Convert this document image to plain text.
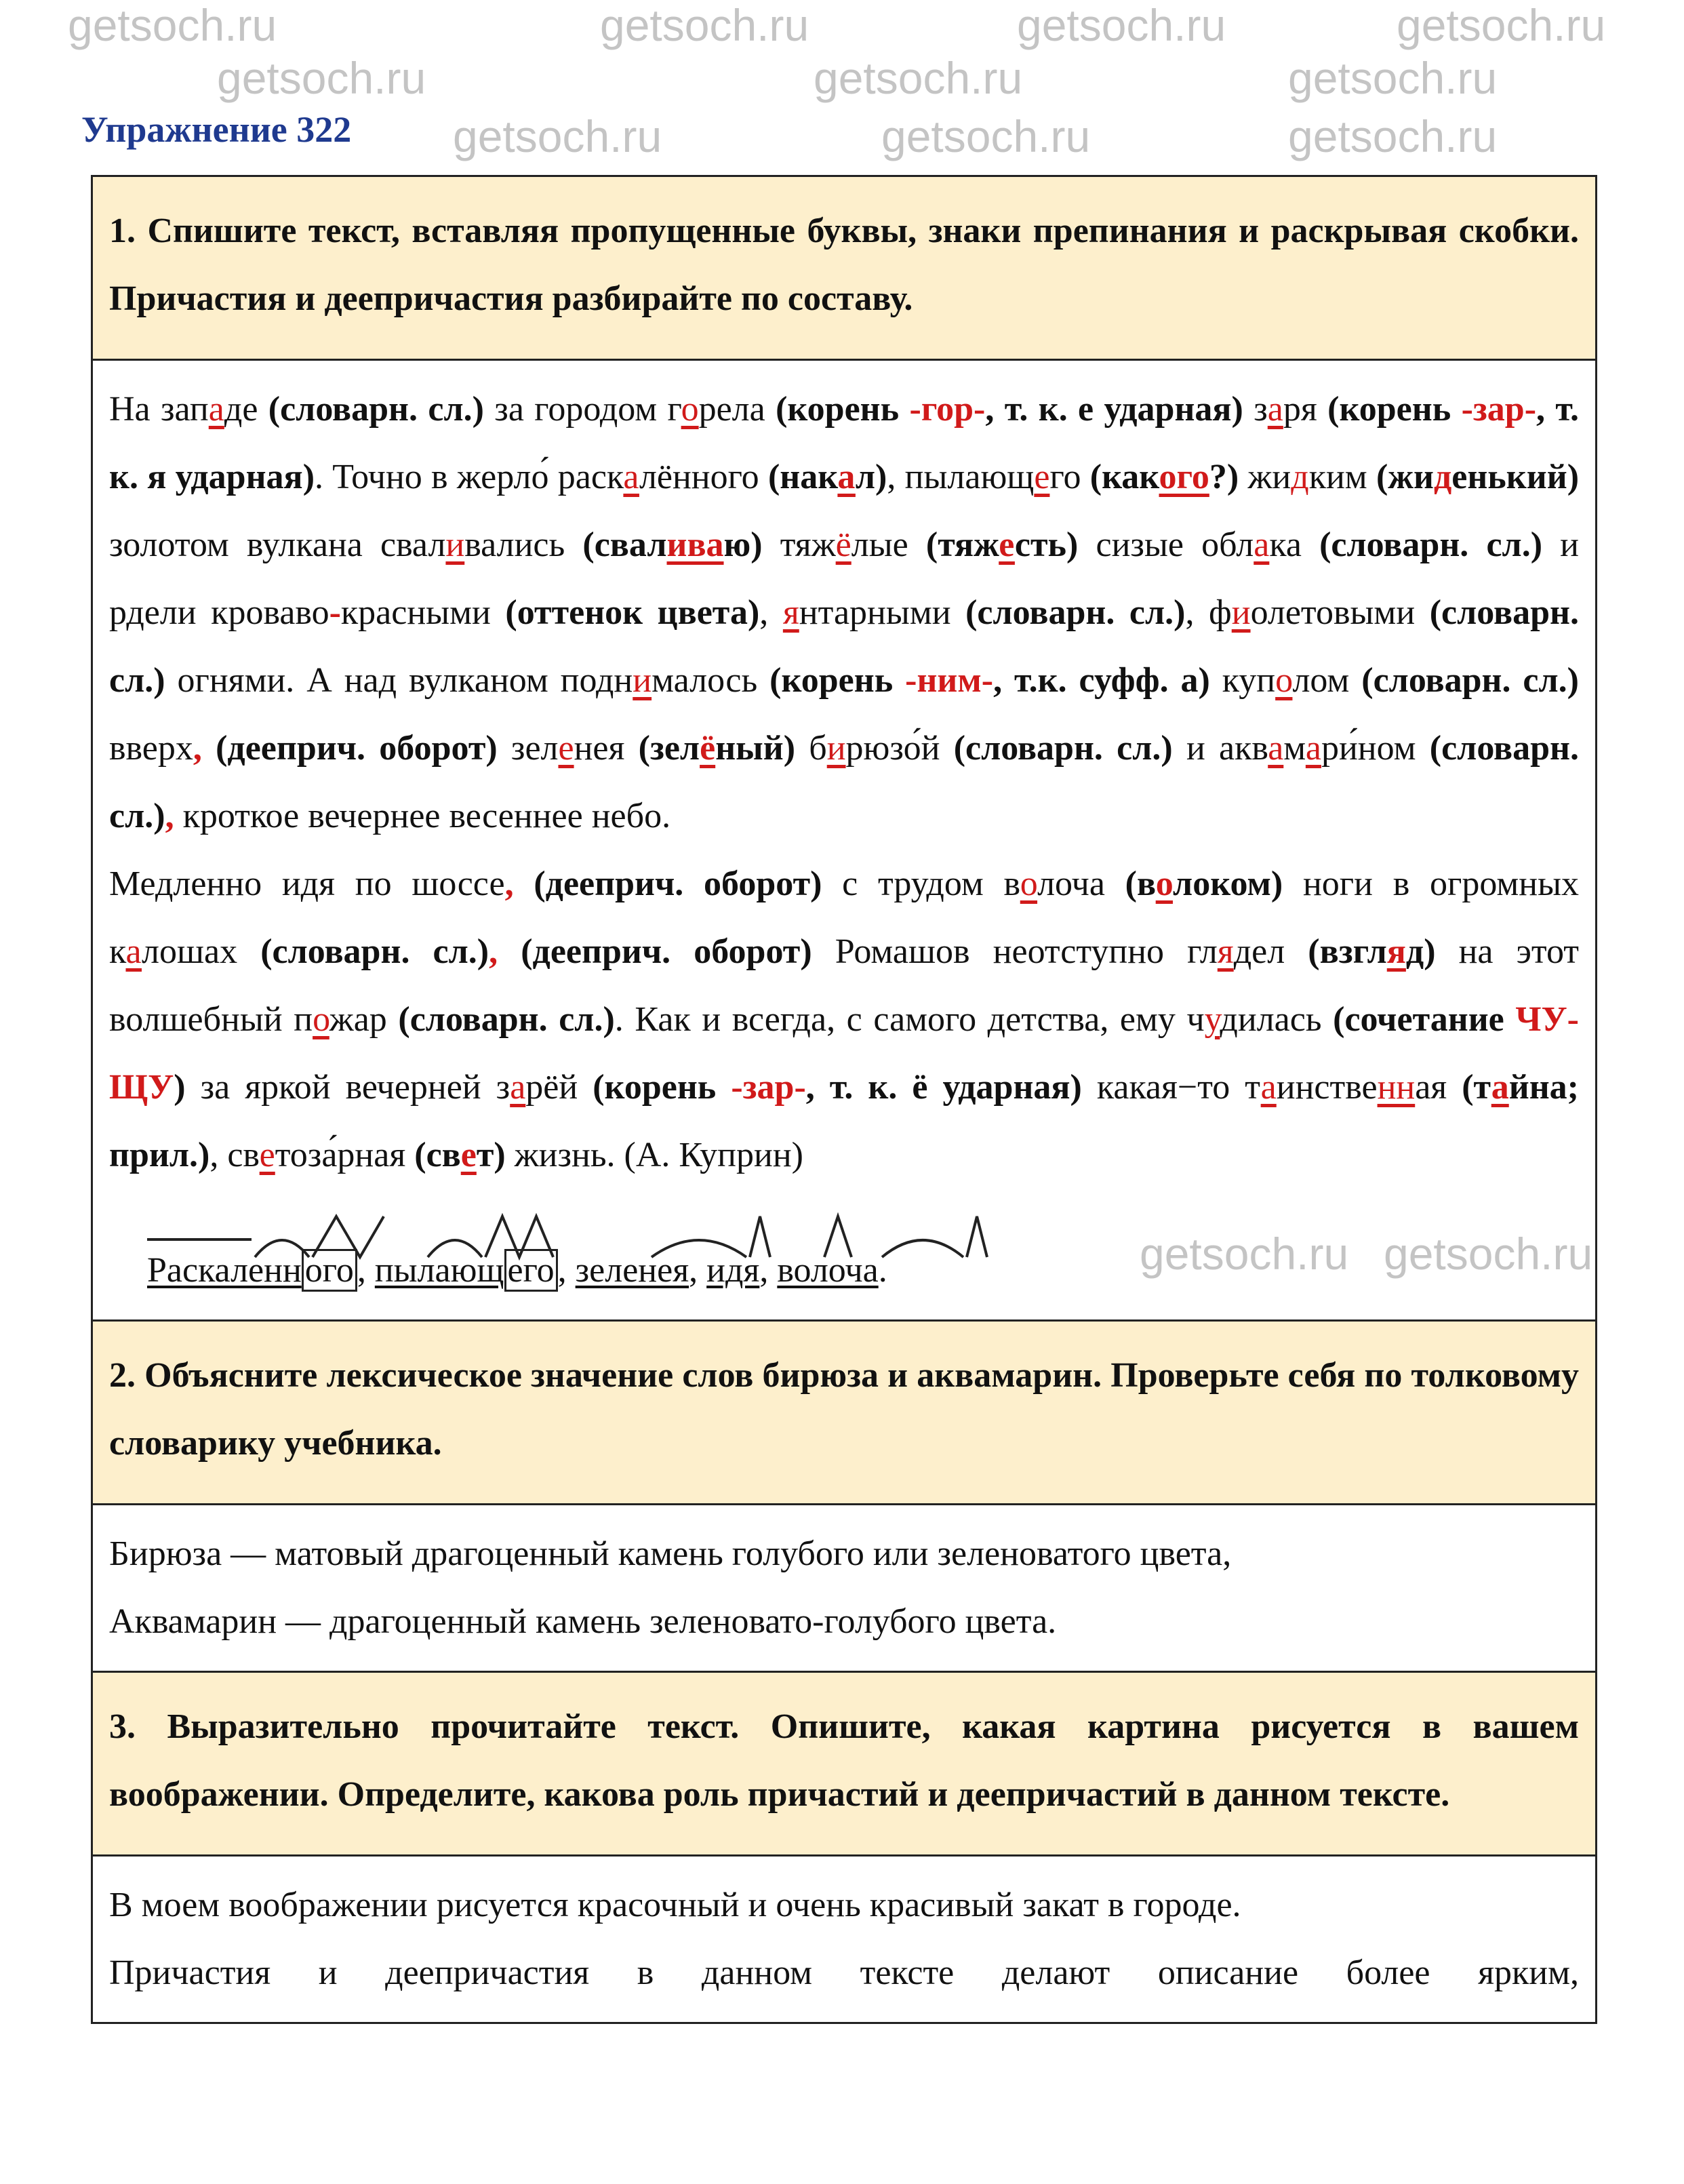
getsoch.ru	getsoch.ru	getsoch.ru	getsoch.ru
getsoch.ru	getsoch.ru	getsoch.ru
Упражнение 322 getsoch.ru	getsoch.ru	getsoch.ru
1. Спишите текст, вставляя пропущенные буквы, знаки препинания и раскрывая скобки. Причастия и деепричастия разбирайте по составу.

На западе (словарн. сл.) за городом горела (корень -гор-, т. к. е ударная) заря (корень -зар-, т. к. я ударная). Точно в жерло́ раскалённого (накал), пылающего (какого?) жидким (жиденький) золотом вулкана сваливались (сваливаю) тяжёлые (тяжесть) сизые облака (словарн. сл.) и рдели кроваво-красными (оттенок цвета), янтарными (словарн. сл.), фиолетовыми (словарн. сл.) огнями. А над вулканом поднималось (корень -ним-, т.к. суфф. а) куполом (словарн. сл.) вверх, (дееприч. оборот) зеленея (зелёный) бирюзо́й (словарн. сл.) и аквамари́ном (словарн. сл.), кроткое вечернее весеннее небо.

Медленно идя по шоссе, (дееприч. оборот) с трудом волоча (волоком) ноги в огромных калошах (словарн. сл.), (дееприч. оборот) Ромашов неотступно глядел (взгляд) на этот волшебный пожар (словарн. сл.). Как и всегда, с самого детства, ему чудилась (сочетание ЧУ-ЩУ) за яркой вечерней зарёй (корень -зар-, т. к. ё ударная) какая−то таинственная (тайна; прил.), светоза́рная (свет) жизнь. (А. Куприн)

Раскаленного, пылающего, зеленея, идя, волоча.	getsoch.ru getsoch.ru
2. Объясните лексическое значение слов бирюза и аквамарин. Проверьте себя по толковому словарику учебника.

Бирюза — матовый драгоценный камень голубого или зеленоватого цвета,

Аквамарин — драгоценный камень зеленовато-голубого цвета.

3. Выразительно прочитайте текст. Опишите, какая картина рисуется в вашем воображении. Определите, какова роль причастий и деепричастий в данном тексте.

В моем воображении рисуется красочный и очень красивый закат в городе.

Причастия и деепричастия в данном тексте делают описание более ярким,
